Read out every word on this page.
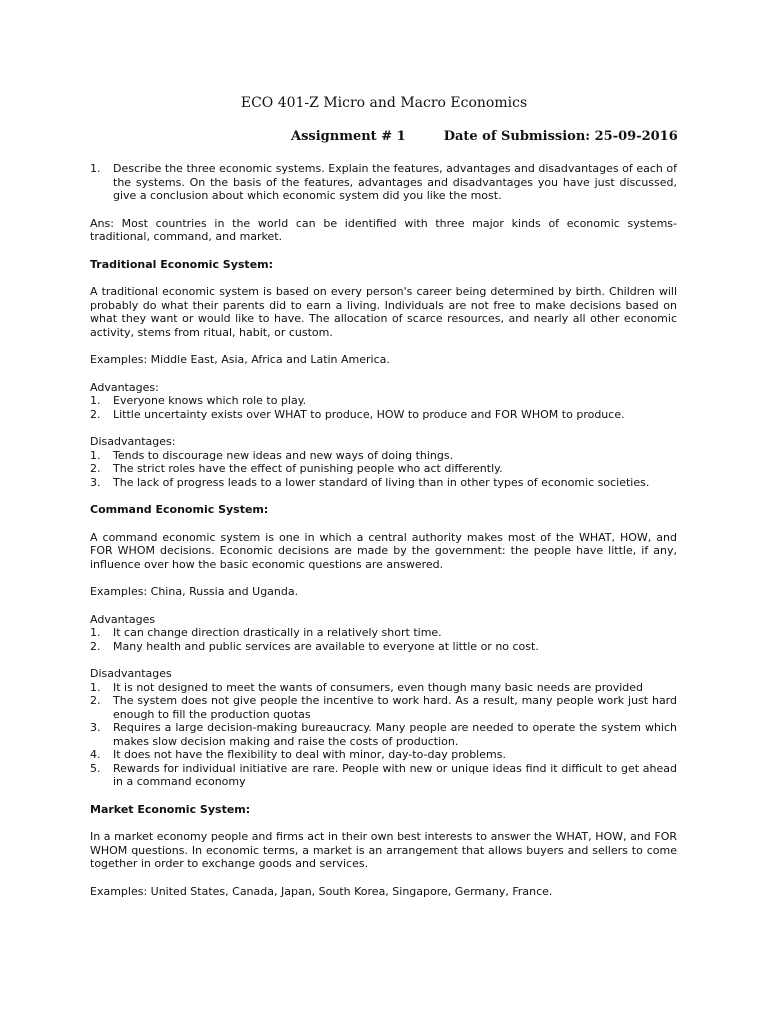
ECO 401-Z Micro and Macro Economics
Assignment # 1	Date of Submission: 25-09-2016
1. Describe the three economic systems. Explain the features, advantages and disadvantages of each of the systems. On the basis of the features, advantages and disadvantages you have just discussed, give a conclusion about which economic system did you like the most.

Ans: Most countries in the world can be identified with three major kinds of economic systems- traditional, command, and market.

Traditional Economic System:

A traditional economic system is based on every person's career being determined by birth. Children will probably do what their parents did to earn a living. Individuals are not free to make decisions based on what they want or would like to have. The allocation of scarce resources, and nearly all other economic activity, stems from ritual, habit, or custom.

Examples: Middle East, Asia, Africa and Latin America.

Advantages:

1. Everyone knows which role to play.
2. Little uncertainty exists over WHAT to produce, HOW to produce and FOR WHOM to produce.

Disadvantages:

1. Tends to discourage new ideas and new ways of doing things.
2. The strict roles have the effect of punishing people who act differently.
3. The lack of progress leads to a lower standard of living than in other types of economic societies.
Command Economic System:

A command economic system is one in which a central authority makes most of the WHAT, HOW, and FOR WHOM decisions. Economic decisions are made by the government: the people have little, if any, influence over how the basic economic questions are answered.

Examples: China, Russia and Uganda.

Advantages

1. It can change direction drastically in a relatively short time.
2. Many health and public services are available to everyone at little or no cost.

Disadvantages

1. It is not designed to meet the wants of consumers, even though many basic needs are provided
2. The system does not give people the incentive to work hard. As a result, many people work just hard enough to fill the production quotas
3. Requires a large decision-making bureaucracy. Many people are needed to operate the system which makes slow decision making and raise the costs of production.
4. It does not have the flexibility to deal with minor, day-to-day problems.
5. Rewards for individual initiative are rare. People with new or unique ideas find it difficult to get ahead in a command economy
Market Economic System:

In a market economy people and firms act in their own best interests to answer the WHAT, HOW, and FOR WHOM questions. In economic terms, a market is an arrangement that allows buyers and sellers to come together in order to exchange goods and services.

Examples: United States, Canada, Japan, South Korea, Singapore, Germany, France.
